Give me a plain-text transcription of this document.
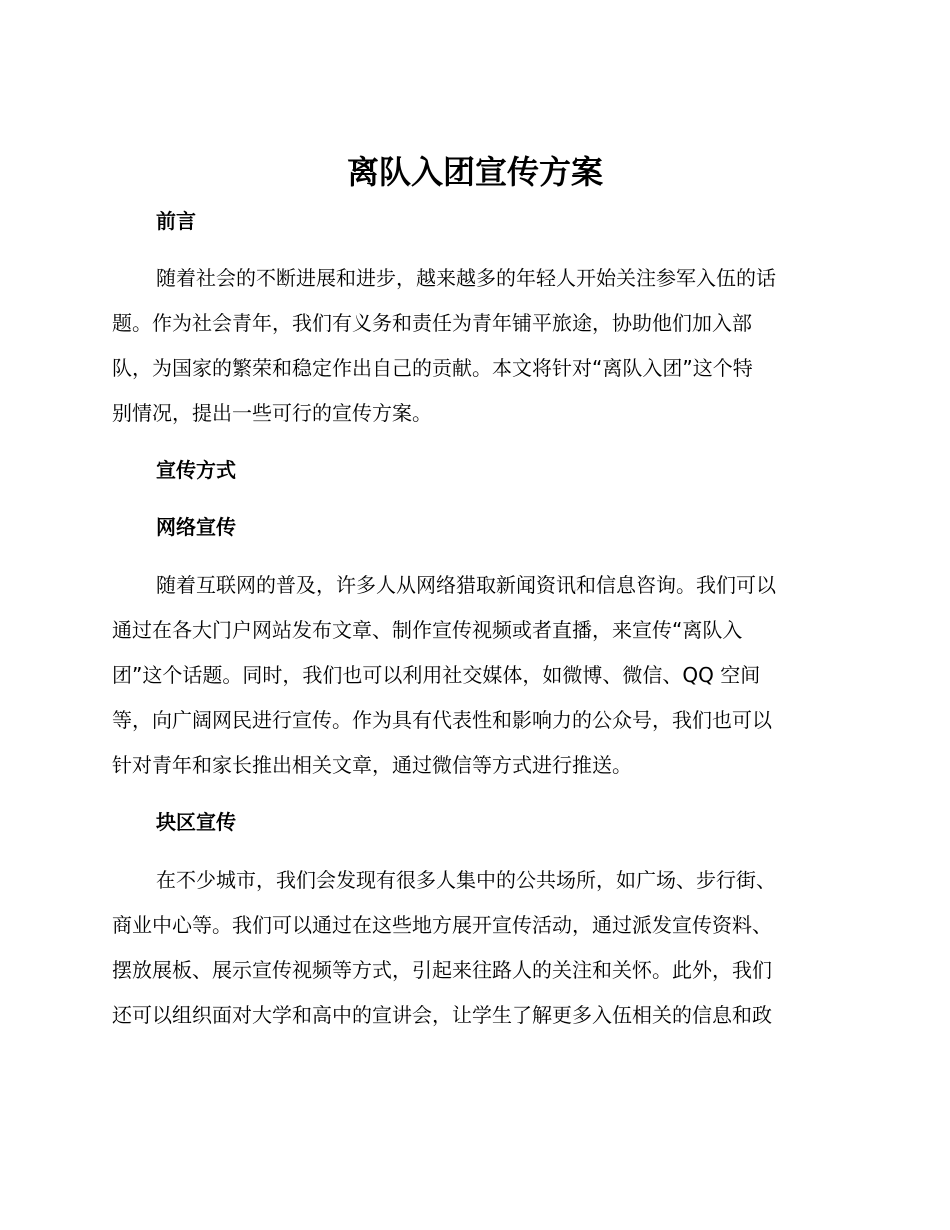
离队入团宣传方案
前言

随着社会的不断进展和进步，越来越多的年轻人开始关注参军入伍的话
题。作为社会青年，我们有义务和责任为青年铺平旅途，协助他们加入部
队，为国家的繁荣和稳定作出自己的贡献。本文将针对“离队入团”这个特
别情况，提出一些可行的宣传方案。

宣传方式
网络宣传

随着互联网的普及，许多人从网络猎取新闻资讯和信息咨询。我们可以
通过在各大门户网站发布文章、制作宣传视频或者直播，来宣传“离队入
团”这个话题。同时，我们也可以利用社交媒体，如微博、微信、QQ 空间
等，向广阔网民进行宣传。作为具有代表性和影响力的公众号，我们也可以
针对青年和家长推出相关文章，通过微信等方式进行推送。

块区宣传

在不少城市，我们会发现有很多人集中的公共场所，如广场、步行街、
商业中心等。我们可以通过在这些地方展开宣传活动，通过派发宣传资料、
摆放展板、展示宣传视频等方式，引起来往路人的关注和关怀。此外，我们
还可以组织面对大学和高中的宣讲会，让学生了解更多入伍相关的信息和政
